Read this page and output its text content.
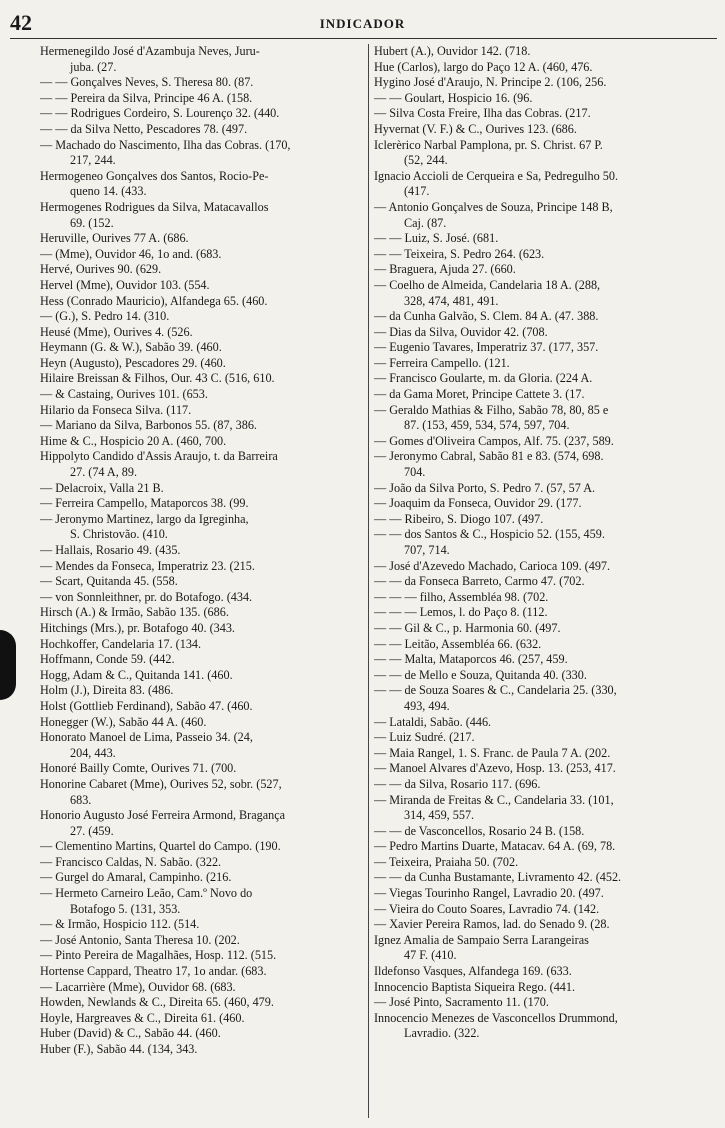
42	INDICADOR
Hermenegildo José d'Azambuja Neves, Juru-
juba. (27.
— — Gonçalves Neves, S. Theresa 80. (87.
— — Pereira da Silva, Principe 46 A. (158.
— — Rodrigues Cordeiro, S. Lourenço 32. (440.
— — da Silva Netto, Pescadores 78. (497.
— Machado do Nascimento, Ilha das Cobras. (170,
217, 244.
Hermogeneo Gonçalves dos Santos, Rocio-Pe-
queno 14. (433.
Hermogenes Rodrigues da Silva, Matacavallos
69. (152.
Heruville, Ourives 77 A. (686.
— (Mme), Ouvidor 46, 1o and. (683.
Hervé, Ourives 90. (629.
Hervel (Mme), Ouvidor 103. (554.
Hess (Conrado Mauricio), Alfandega 65. (460.
— (G.), S. Pedro 14. (310.
Heusé (Mme), Ourives 4. (526.
Heymann (G. & W.), Sabão 39. (460.
Heyn (Augusto), Pescadores 29. (460.
Hilaire Breissan & Filhos, Our. 43 C. (516, 610.
— & Castaing, Ourives 101. (653.
Hilario da Fonseca Silva. (117.
— Mariano da Silva, Barbonos 55. (87, 386.
Hime & C., Hospicio 20 A. (460, 700.
Hippolyto Candido d'Assis Araujo, t. da Barreira
27. (74 A, 89.
— Delacroix, Valla 21 B.
— Ferreira Campello, Mataporcos 38. (99.
— Jeronymo Martinez, largo da Igreginha,
S. Christovão. (410.
— Hallais, Rosario 49. (435.
— Mendes da Fonseca, Imperatriz 23. (215.
— Scart, Quitanda 45. (558.
— von Sonnleithner, pr. do Botafogo. (434.
Hirsch (A.) & Irmão, Sabão 135. (686.
Hitchings (Mrs.), pr. Botafogo 40. (343.
Hochkoffer, Candelaria 17. (134.
Hoffmann, Conde 59. (442.
Hogg, Adam & C., Quitanda 141. (460.
Holm (J.), Direita 83. (486.
Holst (Gottlieb Ferdinand), Sabão 47. (460.
Honegger (W.), Sabão 44 A. (460.
Honorato Manoel de Lima, Passeio 34. (24,
204, 443.
Honoré Bailly Comte, Ourives 71. (700.
Honorine Cabaret (Mme), Ourives 52, sobr. (527,
683.
Honorio Augusto José Ferreira Armond, Bragança
27. (459.
— Clementino Martins, Quartel do Campo. (190.
— Francisco Caldas, N. Sabão. (322.
— Gurgel do Amaral, Campinho. (216.
— Hermeto Carneiro Leão, Cam.º Novo do
Botafogo 5. (131, 353.
— & Irmão, Hospicio 112. (514.
— José Antonio, Santa Theresa 10. (202.
— Pinto Pereira de Magalhães, Hosp. 112. (515.
Hortense Cappard, Theatro 17, 1o andar. (683.
— Lacarrière (Mme), Ouvidor 68. (683.
Howden, Newlands & C., Direita 65. (460, 479.
Hoyle, Hargreaves & C., Direita 61. (460.
Huber (David) & C., Sabão 44. (460.
Huber (F.), Sabão 44. (134, 343.
Hubert (A.), Ouvidor 142. (718.
Hue (Carlos), largo do Paço 12 A. (460, 476.
Hygino José d'Araujo, N. Principe 2. (106, 256.
— — Goulart, Hospicio 16. (96.
— Silva Costa Freire, Ilha das Cobras. (217.
Hyvernat (V. F.) & C., Ourives 123. (686.
Iclerèrico Narbal Pamplona, pr. S. Christ. 67 P.
(52, 244.
Ignacio Accioli de Cerqueira e Sa, Pedregulho 50.
(417.
— Antonio Gonçalves de Souza, Principe 148 B,
Caj. (87.
— — Luiz, S. José. (681.
— — Teixeira, S. Pedro 264. (623.
— Braguera, Ajuda 27. (660.
— Coelho de Almeida, Candelaria 18 A. (288,
328, 474, 481, 491.
— da Cunha Galvão, S. Clem. 84 A. (47. 388.
— Dias da Silva, Ouvidor 42. (708.
— Eugenio Tavares, Imperatriz 37. (177, 357.
— Ferreira Campello. (121.
— Francisco Goularte, m. da Gloria. (224 A.
— da Gama Moret, Principe Cattete 3. (17.
— Geraldo Mathias & Filho, Sabão 78, 80, 85 e
87. (153, 459, 534, 574, 597, 704.
— Gomes d'Oliveira Campos, Alf. 75. (237, 589.
— Jeronymo Cabral, Sabão 81 e 83. (574, 698.
704.
— João da Silva Porto, S. Pedro 7. (57, 57 A.
— Joaquim da Fonseca, Ouvidor 29. (177.
— — Ribeiro, S. Diogo 107. (497.
— — dos Santos & C., Hospicio 52. (155, 459.
707, 714.
— José d'Azevedo Machado, Carioca 109. (497.
— — da Fonseca Barreto, Carmo 47. (702.
— — — filho, Assembléa 98. (702.
— — — Lemos, l. do Paço 8. (112.
— — Gil & C., p. Harmonia 60. (497.
— — Leitão, Assembléa 66. (632.
— — Malta, Mataporcos 46. (257, 459.
— — de Mello e Souza, Quitanda 40. (330.
— — de Souza Soares & C., Candelaria 25. (330,
493, 494.
— Lataldi, Sabão. (446.
— Luiz Sudré. (217.
— Maia Rangel, 1. S. Franc. de Paula 7 A. (202.
— Manoel Alvares d'Azevo, Hosp. 13. (253, 417.
— — da Silva, Rosario 117. (696.
— Miranda de Freitas & C., Candelaria 33. (101,
314, 459, 557.
— — de Vasconcellos, Rosario 24 B. (158.
— Pedro Martins Duarte, Matacav. 64 A. (69, 78.
— Teixeira, Praiaha 50. (702.
— — da Cunha Bustamante, Livramento 42. (452.
— Viegas Tourinho Rangel, Lavradio 20. (497.
— Vieira do Couto Soares, Lavradio 74. (142.
— Xavier Pereira Ramos, lad. do Senado 9. (28.
Ignez Amalia de Sampaio Serra Larangeiras
47 F. (410.
Ildefonso Vasques, Alfandega 169. (633.
Innocencio Baptista Siqueira Rego. (441.
— José Pinto, Sacramento 11. (170.
Innocencio Menezes de Vasconcellos Drummond,
Lavradio. (322.
